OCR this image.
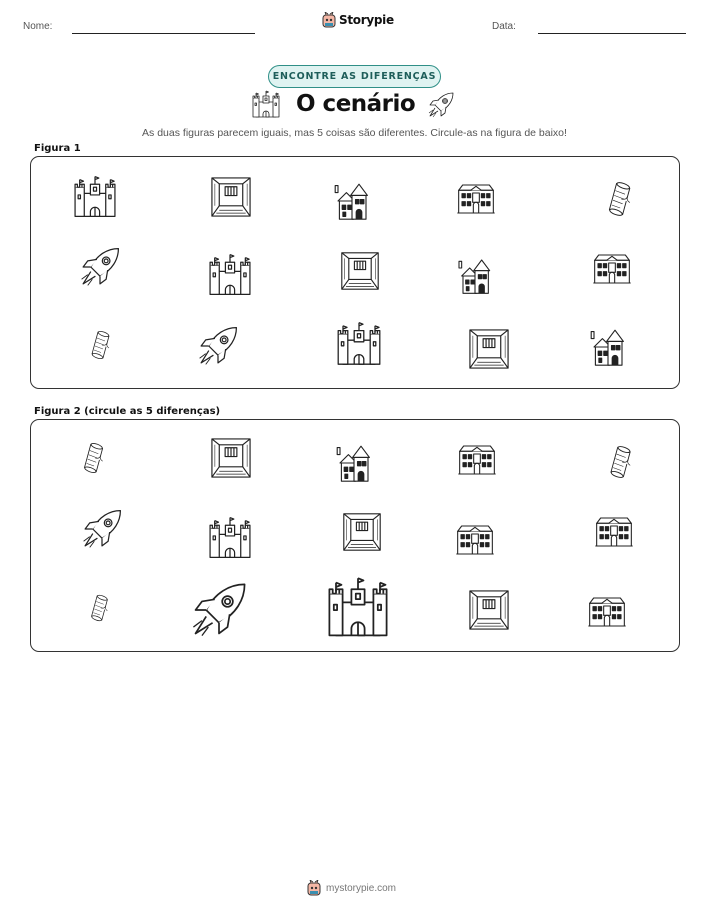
Nome:	Storypie	Data:
ENCONTRE AS DIFERENÇAS
O cenário
As duas figuras parecem iguais, mas 5 coisas são diferentes. Circule-as na figura de baixo!
Figura 1
Figura 2 (circule as 5 diferenças)
mystorypie.com
